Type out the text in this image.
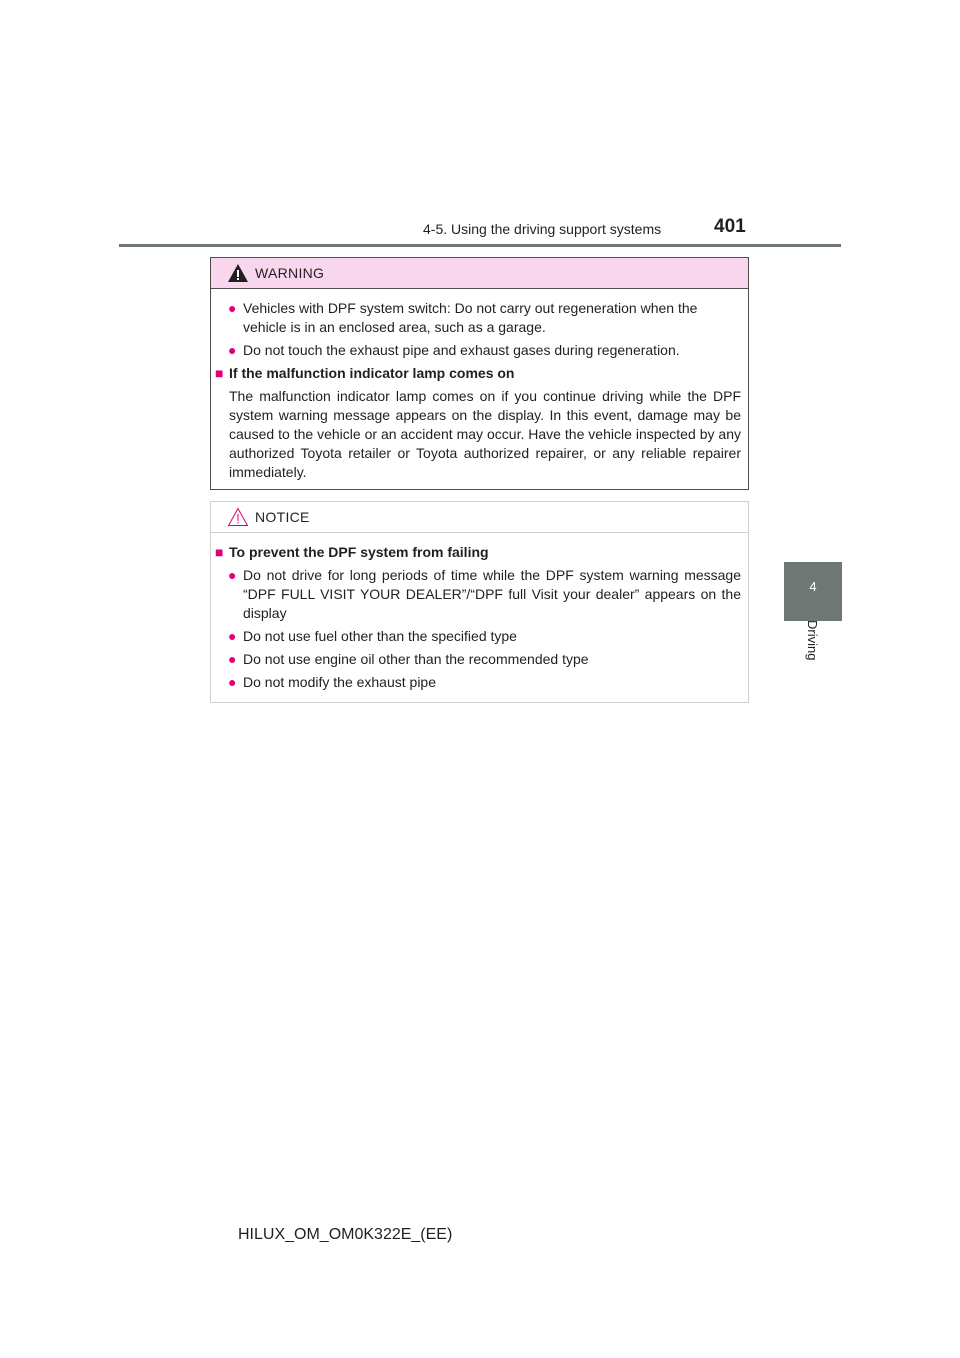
4-5. Using the driving support systems	401
4
Driving
WARNING
● Vehicles with DPF system switch: Do not carry out regeneration when the vehicle is in an enclosed area, such as a garage.
● Do not touch the exhaust pipe and exhaust gases during regeneration.
■ If the malfunction indicator lamp comes on
The malfunction indicator lamp comes on if you continue driving while the DPF system warning message appears on the display. In this event, damage may be caused to the vehicle or an accident may occur. Have the vehicle inspected by any authorized Toyota retailer or Toyota authorized repairer, or any reliable repairer immediately.
NOTICE
■ To prevent the DPF system from failing
● Do not drive for long periods of time while the DPF system warning message “DPF FULL VISIT YOUR DEALER”/“DPF full Visit your dealer” appears on the display
● Do not use fuel other than the specified type
● Do not use engine oil other than the recommended type
● Do not modify the exhaust pipe
HILUX_OM_OM0K322E_(EE)
